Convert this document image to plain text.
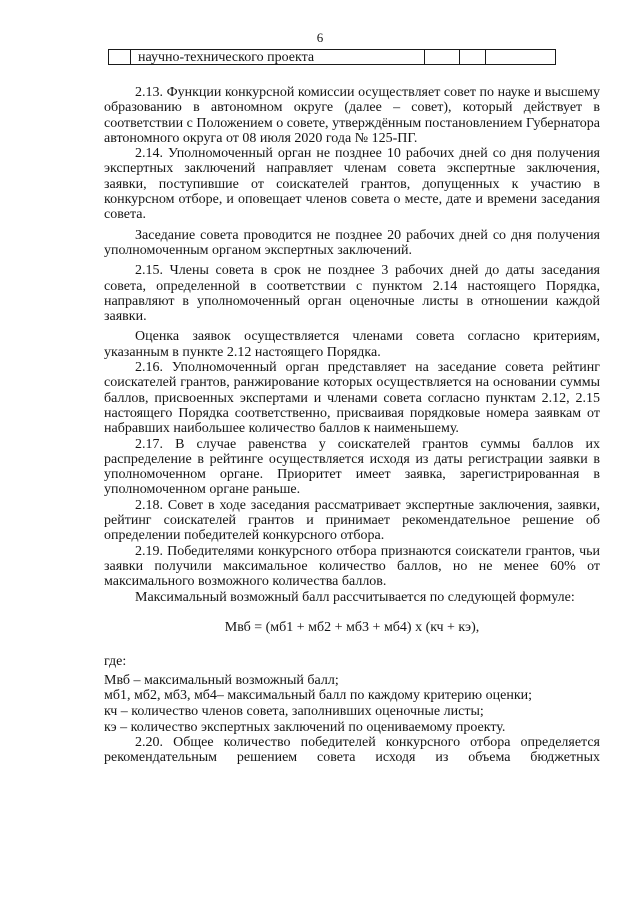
6
научно-технического проекта

2.13. Функции конкурсной комиссии осуществляет совет по науке и высшему образованию в автономном округе (далее – совет), который действует в соответствии с Положением о совете, утверждённым постановлением Губернатора автономного округа от 08 июля 2020 года № 125-ПГ.

2.14. Уполномоченный орган не позднее 10 рабочих дней со дня получения экспертных заключений направляет членам совета экспертные заключения, заявки, поступившие от соискателей грантов, допущенных к участию в конкурсном отборе, и оповещает членов совета о месте, дате и времени заседания совета.

Заседание совета проводится не позднее 20 рабочих дней со дня получения уполномоченным органом экспертных заключений.

2.15. Члены совета в срок не позднее 3 рабочих дней до даты заседания совета, определенной в соответствии с пунктом 2.14 настоящего Порядка, направляют в уполномоченный орган оценочные листы в отношении каждой заявки.

Оценка заявок осуществляется членами совета согласно критериям, указанным в пункте 2.12 настоящего Порядка.

2.16. Уполномоченный орган представляет на заседание совета рейтинг соискателей грантов, ранжирование которых осуществляется на основании суммы баллов, присвоенных экспертами и членами совета согласно пунктам 2.12, 2.15 настоящего Порядка соответственно, присваивая порядковые номера заявкам от набравших наибольшее количество баллов к наименьшему.

2.17. В случае равенства у соискателей грантов суммы баллов их распределение в рейтинге осуществляется исходя из даты регистрации заявки в уполномоченном органе. Приоритет имеет заявка, зарегистрированная в уполномоченном органе раньше.

2.18. Совет в ходе заседания рассматривает экспертные заключения, заявки, рейтинг соискателей грантов и принимает рекомендательное решение об определении победителей конкурсного отбора.

2.19. Победителями конкурсного отбора признаются соискатели грантов, чьи заявки получили максимальное количество баллов, но не менее 60% от максимального возможного количества баллов.

Максимальный возможный балл рассчитывается по следующей формуле:

Мвб = (мб1 + мб2 + мб3 + мб4) х (кч + кэ),

где:

Мвб – максимальный возможный балл;
мб1, мб2, мб3, мб4– максимальный балл по каждому критерию оценки;
кч – количество членов совета, заполнивших оценочные листы;
кэ – количество экспертных заключений по оцениваемому проекту.

2.20. Общее количество победителей конкурсного отбора определяется рекомендательным решением совета исходя из объема бюджетных
